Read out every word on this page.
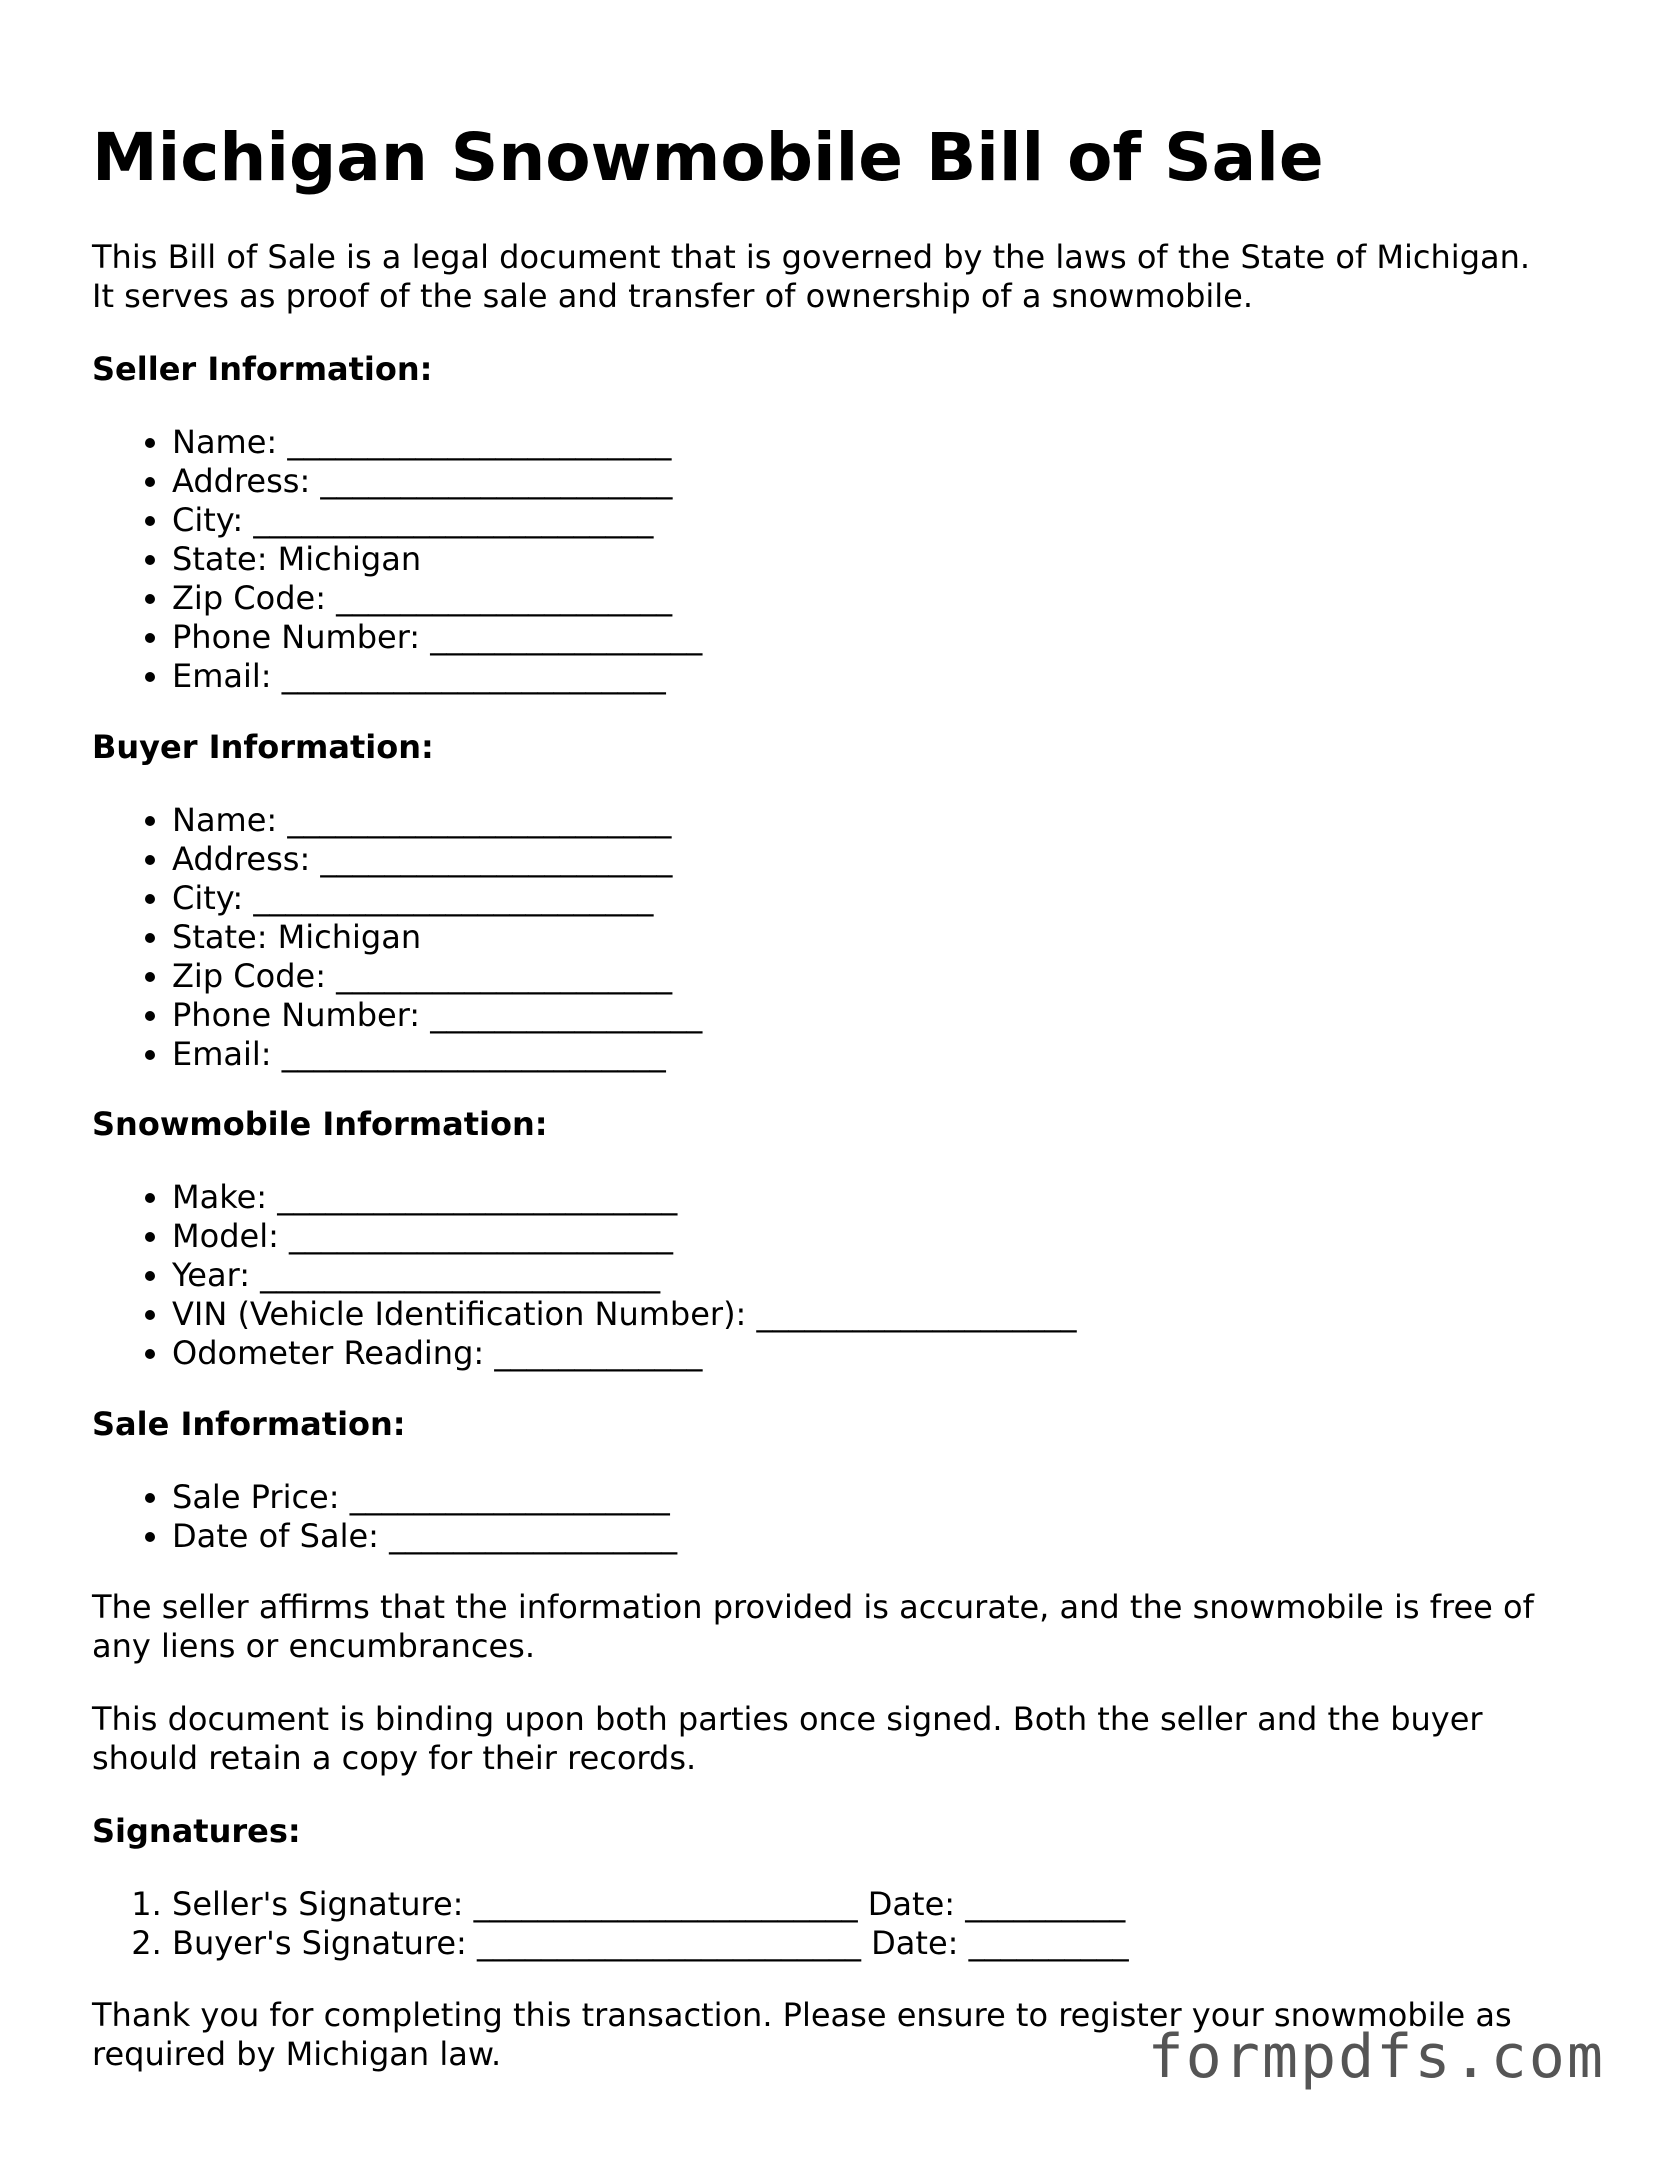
Michigan Snowmobile Bill of Sale
This Bill of Sale is a legal document that is governed by the laws of the State of Michigan.
It serves as proof of the sale and transfer of ownership of a snowmobile.
Seller Information:
• Name: ________________________
• Address: ______________________
• City: _________________________
• State: Michigan
• Zip Code: _____________________
• Phone Number: _________________
• Email: ________________________
Buyer Information:
• Name: ________________________
• Address: ______________________
• City: _________________________
• State: Michigan
• Zip Code: _____________________
• Phone Number: _________________
• Email: ________________________
Snowmobile Information:
• Make: _________________________
• Model: ________________________
• Year: _________________________
• VIN (Vehicle Identification Number): ____________________
• Odometer Reading: _____________
Sale Information:
• Sale Price: ____________________
• Date of Sale: __________________
The seller affirms that the information provided is accurate, and the snowmobile is free of
any liens or encumbrances.
This document is binding upon both parties once signed. Both the seller and the buyer
should retain a copy for their records.
Signatures:
1. Seller's Signature: ________________________ Date: __________
2. Buyer's Signature: ________________________ Date: __________
Thank you for completing this transaction. Please ensure to register your snowmobile as
required by Michigan law.	formpdfs.com
